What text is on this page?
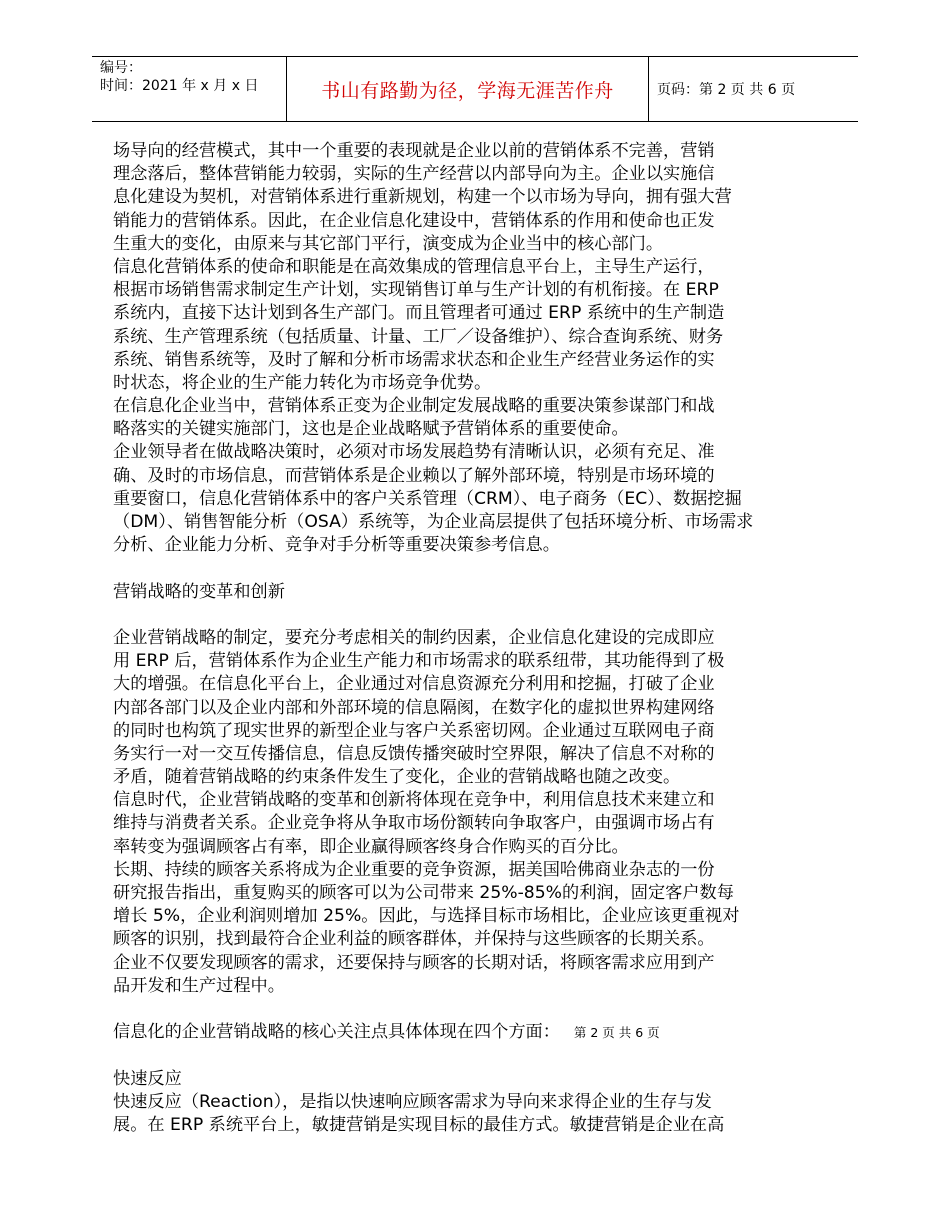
编号：
时间：2021 年 x 月 x 日	书山有路勤为径，学海无涯苦作舟	页码：第 2 页 共 6 页
场导向的经营模式，其中一个重要的表现就是企业以前的营销体系不完善，营销
理念落后，整体营销能力较弱，实际的生产经营以内部导向为主。企业以实施信
息化建设为契机，对营销体系进行重新规划，构建一个以市场为导向，拥有强大营
销能力的营销体系。因此，在企业信息化建设中，营销体系的作用和使命也正发
生重大的变化，由原来与其它部门平行，演变成为企业当中的核心部门。
信息化营销体系的使命和职能是在高效集成的管理信息平台上，主导生产运行，
根据市场销售需求制定生产计划，实现销售订单与生产计划的有机衔接。在 ERP
系统内，直接下达计划到各生产部门。而且管理者可通过 ERP 系统中的生产制造
系统、生产管理系统（包括质量、计量、工厂／设备维护）、综合查询系统、财务
系统、销售系统等，及时了解和分析市场需求状态和企业生产经营业务运作的实
时状态，将企业的生产能力转化为市场竞争优势。
在信息化企业当中，营销体系正变为企业制定发展战略的重要决策参谋部门和战
略落实的关键实施部门，这也是企业战略赋予营销体系的重要使命。
企业领导者在做战略决策时，必须对市场发展趋势有清晰认识，必须有充足、准
确、及时的市场信息，而营销体系是企业赖以了解外部环境，特别是市场环境的
重要窗口，信息化营销体系中的客户关系管理（CRM）、电子商务（EC）、数据挖掘
（DM）、销售智能分析（OSA）系统等，为企业高层提供了包括环境分析、市场需求
分析、企业能力分析、竞争对手分析等重要决策参考信息。
营销战略的变革和创新
企业营销战略的制定，要充分考虑相关的制约因素，企业信息化建设的完成即应
用 ERP 后，营销体系作为企业生产能力和市场需求的联系纽带，其功能得到了极
大的增强。在信息化平台上，企业通过对信息资源充分利用和挖掘，打破了企业
内部各部门以及企业内部和外部环境的信息隔阂，在数字化的虚拟世界构建网络
的同时也构筑了现实世界的新型企业与客户关系密切网。企业通过互联网电子商
务实行一对一交互传播信息，信息反馈传播突破时空界限，解决了信息不对称的
矛盾，随着营销战略的约束条件发生了变化，企业的营销战略也随之改变。
信息时代，企业营销战略的变革和创新将体现在竞争中，利用信息技术来建立和
维持与消费者关系。企业竞争将从争取市场份额转向争取客户，由强调市场占有
率转变为强调顾客占有率，即企业赢得顾客终身合作购买的百分比。
长期、持续的顾客关系将成为企业重要的竞争资源，据美国哈佛商业杂志的一份
研究报告指出，重复购买的顾客可以为公司带来 25%-85%的利润，固定客户数每
增长 5%，企业利润则增加 25%。因此，与选择目标市场相比，企业应该更重视对
顾客的识别，找到最符合企业利益的顾客群体，并保持与这些顾客的长期关系。
企业不仅要发现顾客的需求，还要保持与顾客的长期对话，将顾客需求应用到产
品开发和生产过程中。
信息化的企业营销战略的核心关注点具体体现在四个方面： 第 2 页 共 6 页
快速反应
快速反应（Reaction），是指以快速响应顾客需求为导向来求得企业的生存与发
展。在 ERP 系统平台上，敏捷营销是实现目标的最佳方式。敏捷营销是企业在高
